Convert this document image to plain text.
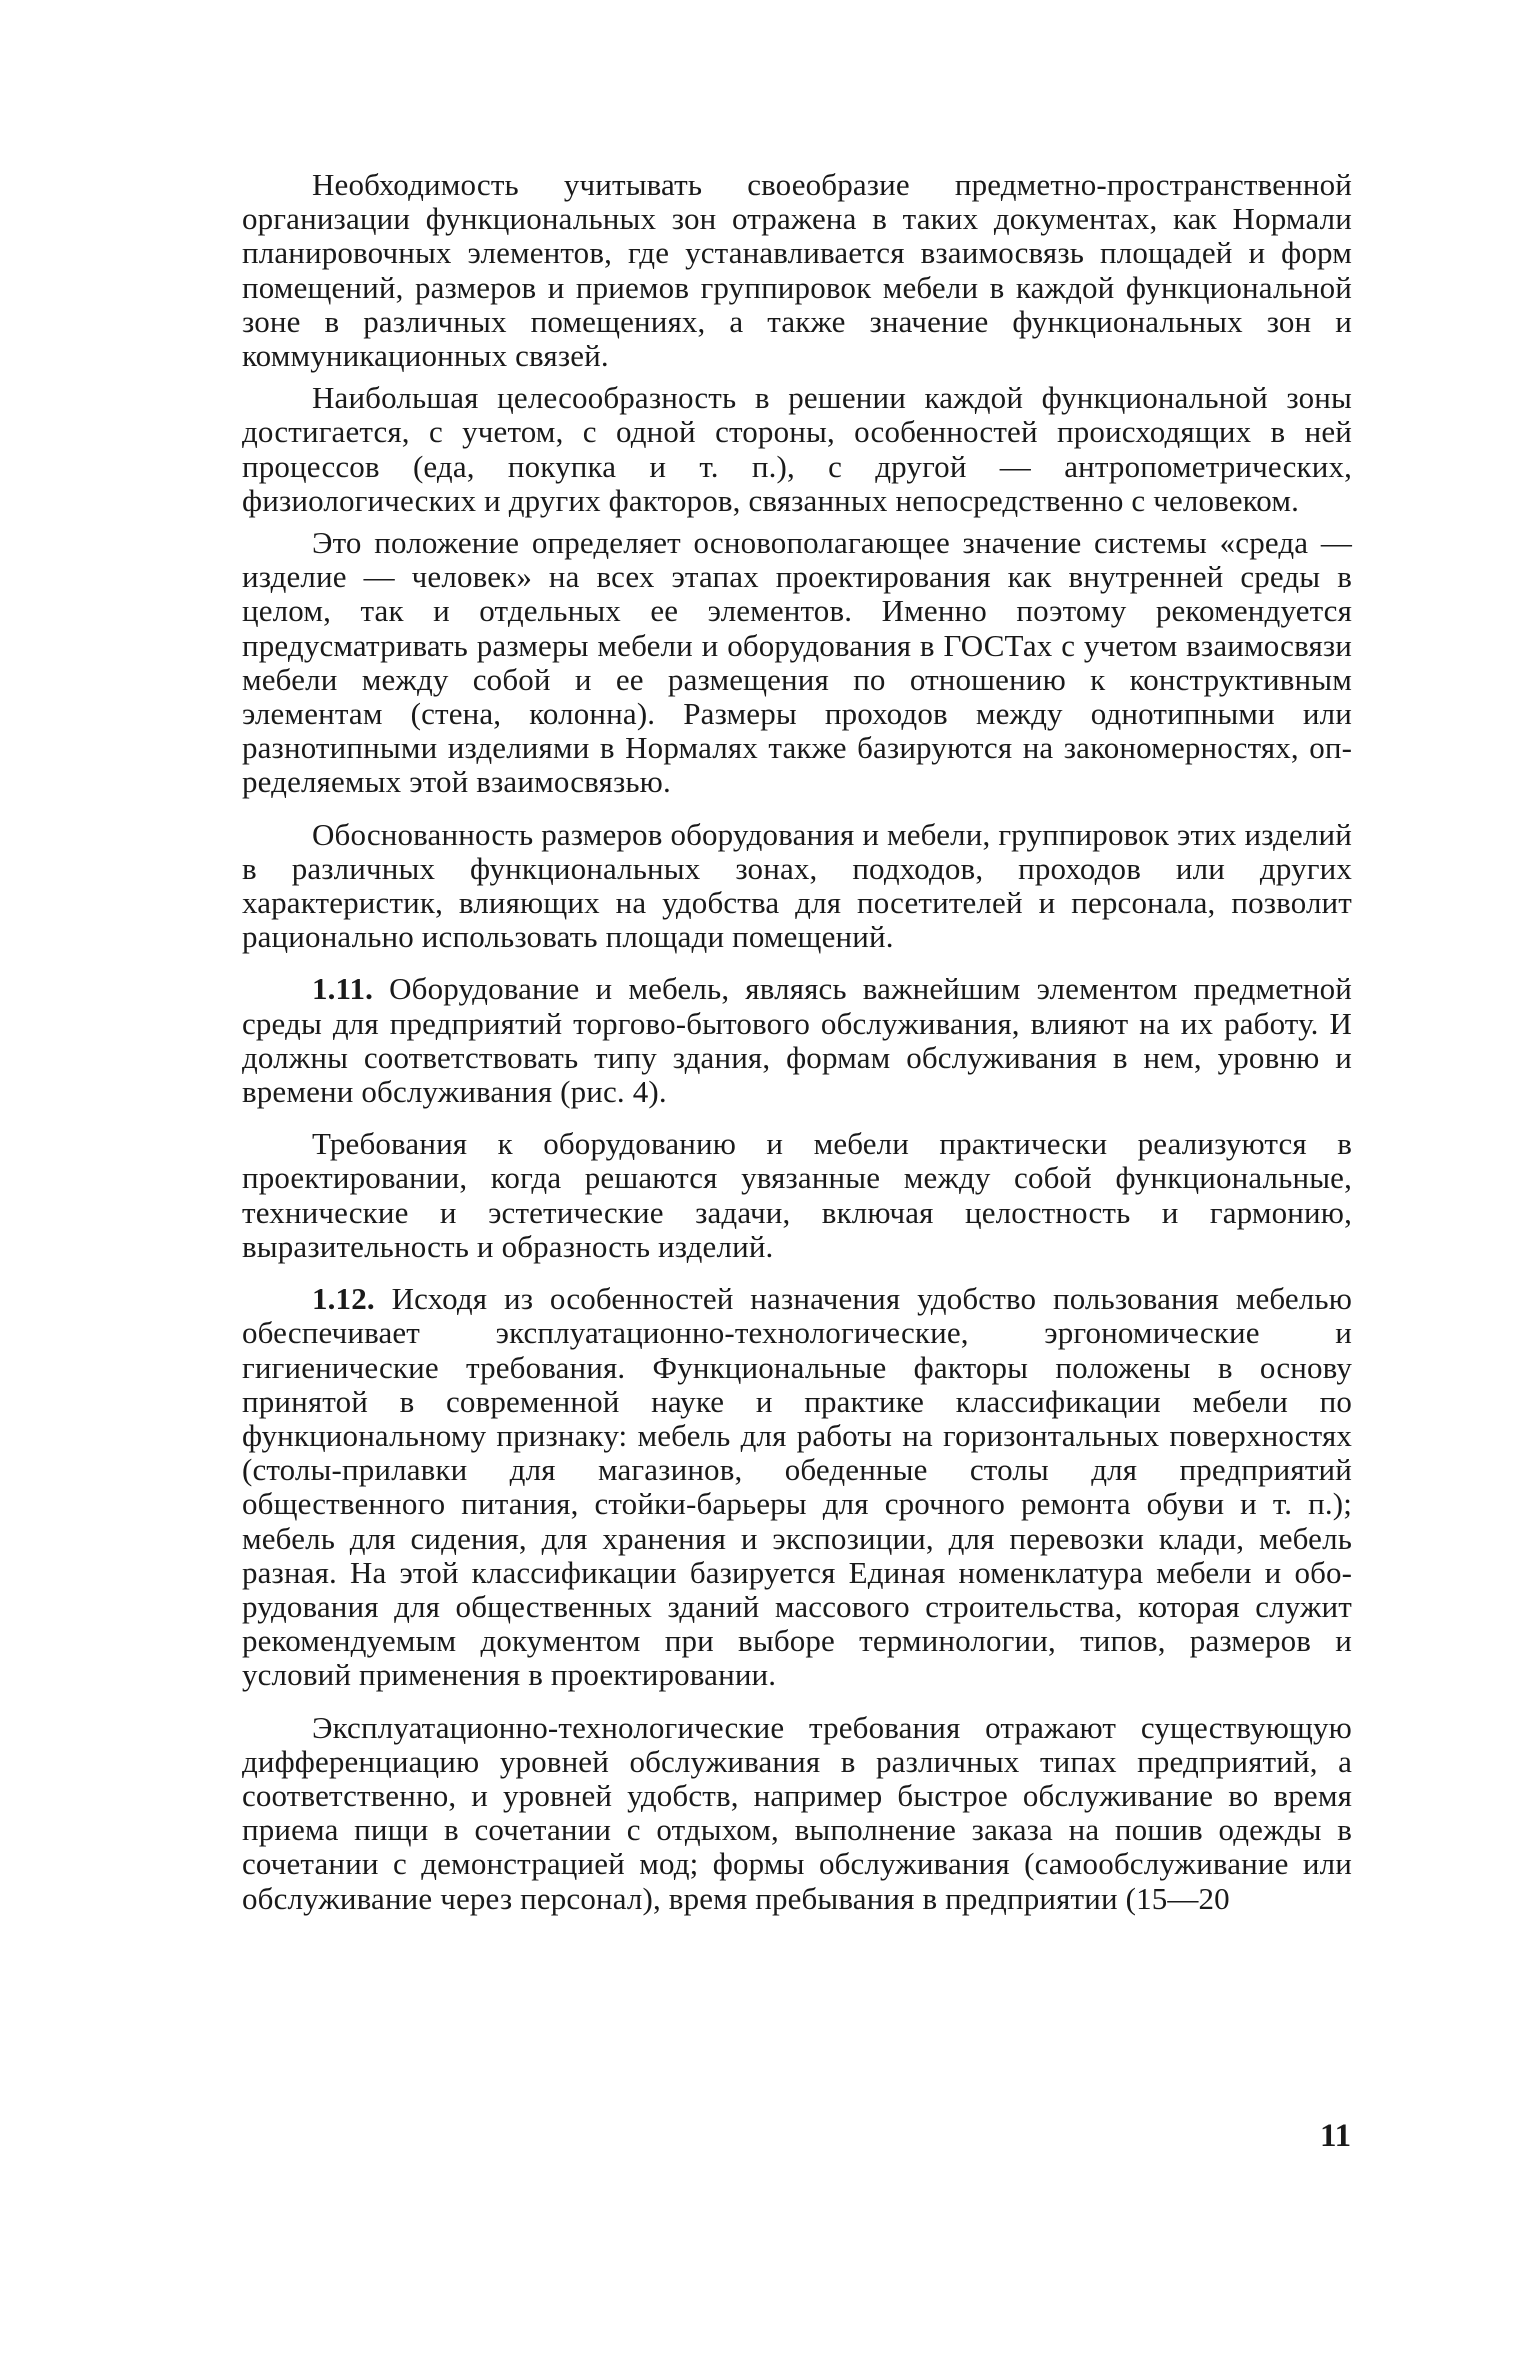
Необходимость учитывать своеобразие предметно-пространственной организации функциональных зон отражена в таких документах, как Нормали планировочных элементов, где устанавливается взаимосвязь площадей и форм помещений, размеров и приемов группировок мебели в каждой функциональной зоне в различных помещениях, а также значение функциональных зон и коммуникационных связей.

Наибольшая целесообразность в решении каждой функциональной зоны достигается, с учетом, с одной стороны, особенностей происходящих в ней процессов (еда, покупка и т. п.), с другой — антропометрических, физиологических и других факторов, связанных непосредственно с человеком.

Это положение определяет основополагающее значение системы «среда — изделие — человек» на всех этапах проектирования как внутренней среды в целом, так и отдельных ее элементов. Именно поэтому рекомендуется предусматривать размеры мебели и оборудования в ГОСТах с учетом взаимосвязи мебели между собой и ее размещения по отношению к конструктивным элементам (стена, колонна). Размеры проходов между однотипными или разнотипными изделиями в Нормалях также базируются на закономерностях, определяемых этой взаимосвязью.

Обоснованность размеров оборудования и мебели, группировок этих изделий в различных функциональных зонах, подходов, проходов или других характеристик, влияющих на удобства для посетителей и персонала, позволит рационально использовать площади помещений.

1.11. Оборудование и мебель, являясь важнейшим элементом предметной среды для предприятий торгово-бытового обслуживания, влияют на их работу. И должны соответствовать типу здания, формам обслуживания в нем, уровню и времени обслуживания (рис. 4).

Требования к оборудованию и мебели практически реализуются в проектировании, когда решаются увязанные между собой функциональные, технические и эстетические задачи, включая целостность и гармонию, выразительность и образность изделий.

1.12. Исходя из особенностей назначения удобство пользования мебелью обеспечивает эксплуатационно-технологические, эргономические и гигиенические требования. Функциональные факторы положены в основу принятой в современной науке и практике классификации мебели по функциональному признаку: мебель для работы на горизонтальных поверхностях (столы-прилавки для магазинов, обеденные столы для предприятий общественного питания, стойки-барьеры для срочного ремонта обуви и т. п.); мебель для сидения, для хранения и экспозиции, для перевозки клади, мебель разная. На этой классификации базируется Единая номенклатура мебели и оборудования для общественных зданий массового строительства, которая служит рекомендуемым документом при выборе терминологии, типов, размеров и условий применения в проектировании.

Эксплуатационно-технологические требования отражают существующую дифференциацию уровней обслуживания в различных типах предприятий, а соответственно, и уровней удобств, например быстрое обслуживание во время приема пищи в сочетании с отдыхом, выполнение заказа на пошив одежды в сочетании с демонстрацией мод; формы обслуживания (самообслуживание или обслуживание через персонал), время пребывания в предприятии (15—20

11
